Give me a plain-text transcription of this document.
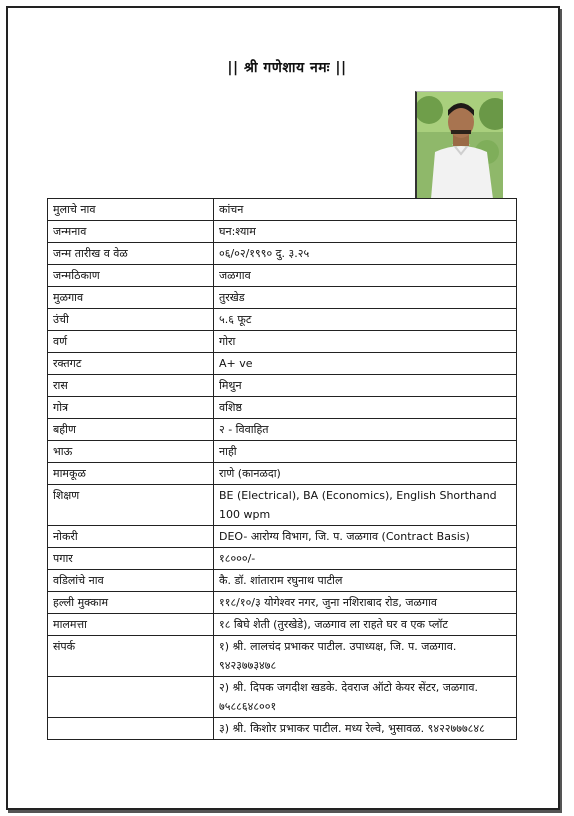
|| श्री गणेशाय नमः ||
मुलाचे नाव	कांचन
जन्मनाव	घन:श्याम
जन्म तारीख व वेळ	०६/०२/१९९० दु. ३.२५
जन्मठिकाण	जळगाव
मुळगाव	तुरखेड
उंची	५.६ फूट
वर्ण	गोरा
रक्तगट	A+ ve
रास	मिथुन
गोत्र	वशिष्ठ
बहीण	२ - विवाहित
भाऊ	नाही
मामकूळ	राणे (कानळदा)
शिक्षण	BE (Electrical), BA (Economics), English Shorthand 100 wpm
नोकरी	DEO- आरोग्य विभाग, जि. प. जळगाव (Contract Basis)
पगार	१८०००/-
वडिलांचे नाव	कै. डॉ. शांताराम रघुनाथ पाटील
हल्ली मुक्काम	११८/१०/३ योगेश्वर नगर, जुना नशिराबाद रोड, जळगाव
मालमत्ता	१८ बिघे शेती (तुरखेडे), जळगाव ला राहते घर व एक प्लॉट
संपर्क	१) श्री. लालचंद प्रभाकर पाटील. उपाध्यक्ष, जि. प. जळगाव. ९४२३७७३४७८
	२) श्री. दिपक जगदीश खडके. देवराज ऑटो केयर सेंटर, जळगाव. ७५८८६४८००१
	३) श्री. किशोर प्रभाकर पाटील. मध्य रेल्वे, भुसावळ. ९४२२७७७८४८
